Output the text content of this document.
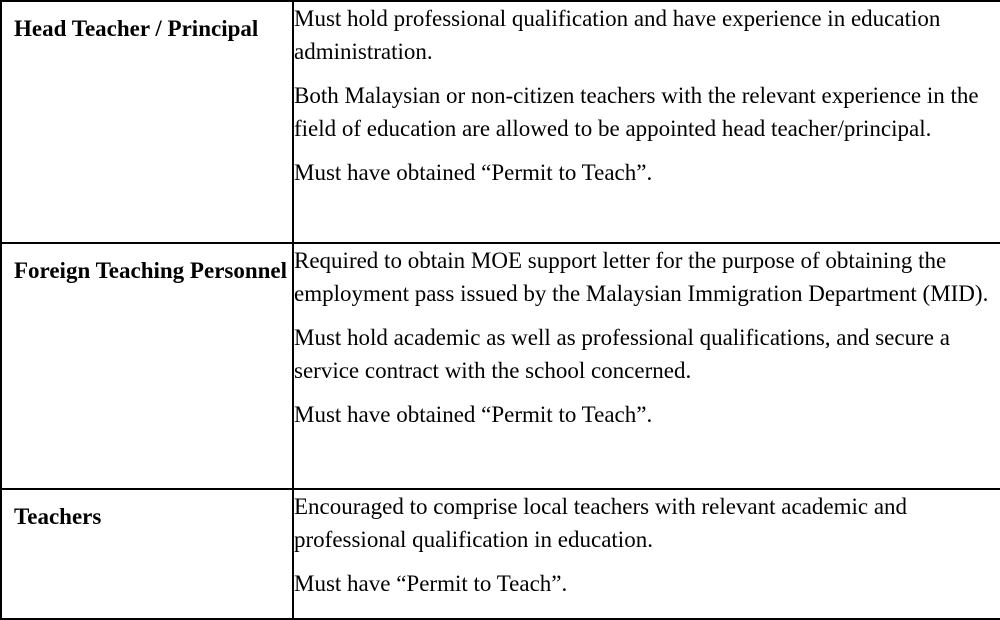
Head Teacher / Principal	Must hold professional qualification and have experience in education administration.

Both Malaysian or non-citizen teachers with the relevant experience in the field of education are allowed to be appointed head teacher/principal.

Must have obtained “Permit to Teach”.

Foreign Teaching Personnel	Required to obtain MOE support letter for the purpose of obtaining the employment pass issued by the Malaysian Immigration Department (MID).

Must hold academic as well as professional qualifications, and secure a service contract with the school concerned.

Must have obtained “Permit to Teach”.

Teachers	Encouraged to comprise local teachers with relevant academic and professional qualification in education.

Must have “Permit to Teach”.
